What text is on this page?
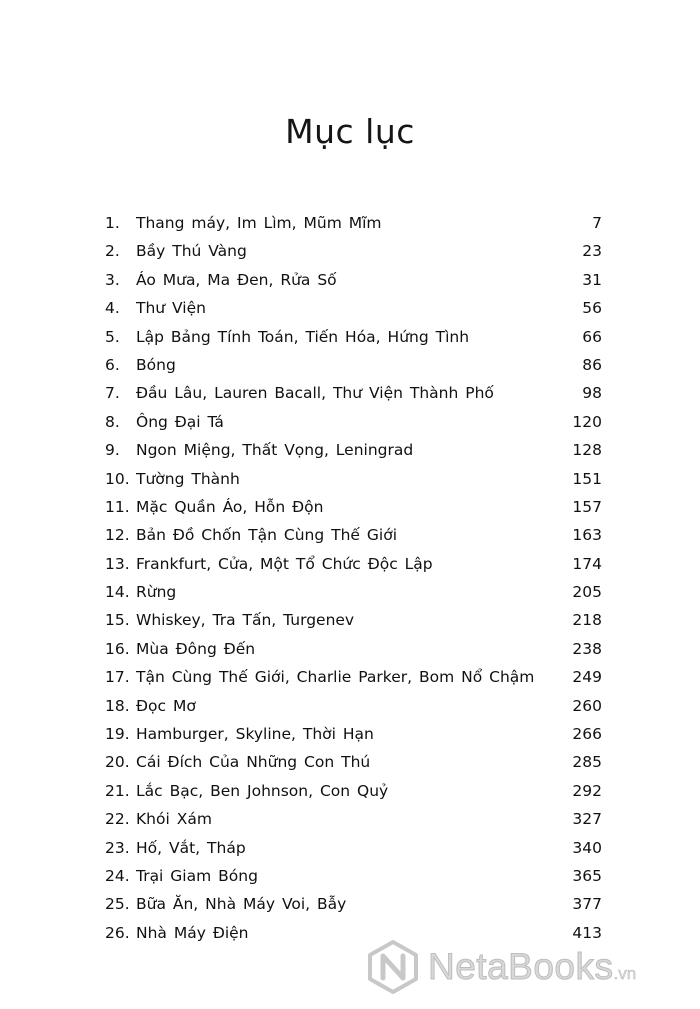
Mục lục
1. Thang máy, Im Lìm, Mũm Mĩm	7
2. Bầy Thú Vàng	23
3. Áo Mưa, Ma Đen, Rửa Số	31
4. Thư Viện	56
5. Lập Bảng Tính Toán, Tiến Hóa, Hứng Tình	66
6. Bóng	86
7. Đầu Lâu, Lauren Bacall, Thư Viện Thành Phố	98
8. Ông Đại Tá	120
9. Ngon Miệng, Thất Vọng, Leningrad	128
10. Tường Thành	151
11. Mặc Quần Áo, Hỗn Độn	157
12. Bản Đồ Chốn Tận Cùng Thế Giới	163
13. Frankfurt, Cửa, Một Tổ Chức Độc Lập	174
14. Rừng	205
15. Whiskey, Tra Tấn, Turgenev	218
16. Mùa Đông Đến	238
17. Tận Cùng Thế Giới, Charlie Parker, Bom Nổ Chậm 249
18. Đọc Mơ	260
19. Hamburger, Skyline, Thời Hạn	266
20. Cái Đích Của Những Con Thú	285
21. Lắc Bạc, Ben Johnson, Con Quỷ	292
22. Khói Xám	327
23. Hố, Vắt, Tháp	340
24. Trại Giam Bóng	365
25. Bữa Ăn, Nhà Máy Voi, Bẫy	377
26. Nhà Máy Điện	413
NetaBooks.vn
